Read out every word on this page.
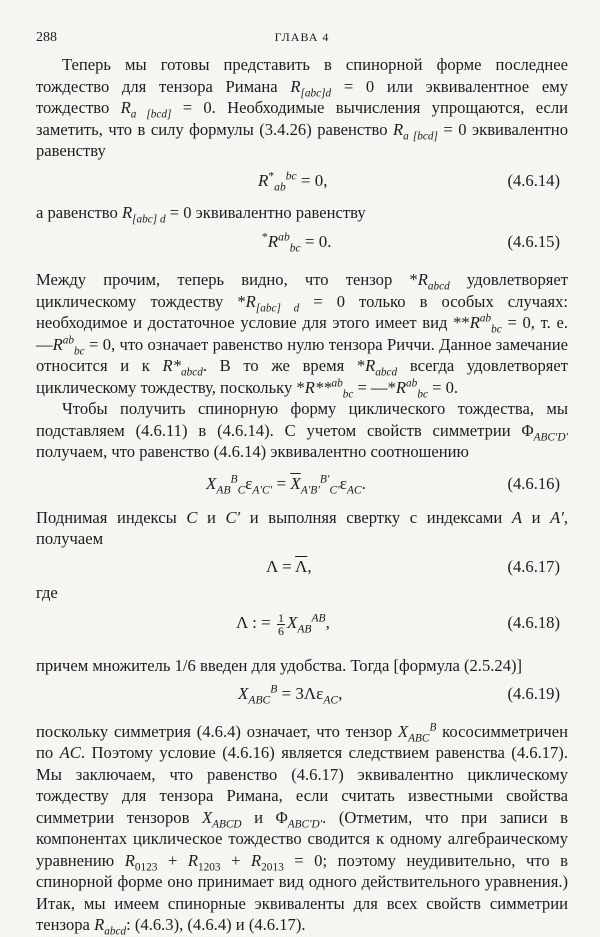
288	ГЛАВА 4

Теперь мы готовы представить в спинорной форме последнее тождество для тензора Римана $R_{[abc]d} = 0$ или эквивалентное ему тождество $R_{a [bcd]} = 0$. Необходимые вычисления упрощаются, если заметить, что в силу формулы (3.4.26) равенство $R_{a [bcd]} = 0$ эквивалентно равенству

$R^*_{ab}^{bc} = 0$,	(4.6.14)

а равенство $R_{[abc] d} = 0$ эквивалентно равенству

$^*R^{ab}_{bc} = 0$.	(4.6.15)

Между прочим, теперь видно, что тензор $*R_{abcd}$ удовлетворяет циклическому тождеству $*R_{[abc] d} = 0$ только в особых случаях: необходимое и достаточное условие для этого имеет вид $**R^{ab}_{bc} = 0$, т. е. $—R^{ab}_{bc} = 0$, что означает равенство нулю тензора Риччи. Данное замечание относится и к $R*_{abcd}$. В то же время $*R_{abcd}$ всегда удовлетворяет циклическому тождеству, поскольку $*R**^{ab}_{bc} = —*R^{ab}_{bc} = 0$.

Чтобы получить спинорную форму циклического тождества, мы подставляем (4.6.11) в (4.6.14). С учетом свойств симметрии $\Phi_{ABC'D'}$ получаем, что равенство (4.6.14) эквивалентно соотношению

$X_{AB}^B_C\varepsilon_{A'C'} = \overline{X}_{A'B'}^{B'}_{C'}\varepsilon_{AC}$.	(4.6.16)

Поднимая индексы C и C′ и выполняя свертку с индексами A и A′, получаем

$\Lambda = \overline{\Lambda}$,	(4.6.17)

где

Λ : = $\frac{1}{6} X_{AB}^{AB}$,	(4.6.18)

причем множитель 1/6 введен для удобства. Тогда [формула (2.5.24)]

$X_{ABC}^B = 3\Lambda\varepsilon_{AC}$,	(4.6.19)

поскольку симметрия (4.6.4) означает, что тензор $X_{ABC}^B$ кососимметричен по AC. Поэтому условие (4.6.16) является следствием равенства (4.6.17). Мы заключаем, что равенство (4.6.17) эквивалентно циклическому тождеству для тензора Римана, если считать известными свойства симметрии тензоров $X_{ABCD}$ и $\Phi_{ABC'D'}$. (Отметим, что при записи в компонентах циклическое тождество сводится к одному алгебраическому уравнению $R_{0123} + R_{1203} + R_{2013} = 0$; поэтому неудивительно, что в спинорной форме оно принимает вид одного действительного уравнения.) Итак, мы имеем спинорные эквиваленты для всех свойств симметрии тензора $R_{abcd}$: (4.6.3), (4.6.4) и (4.6.17).
